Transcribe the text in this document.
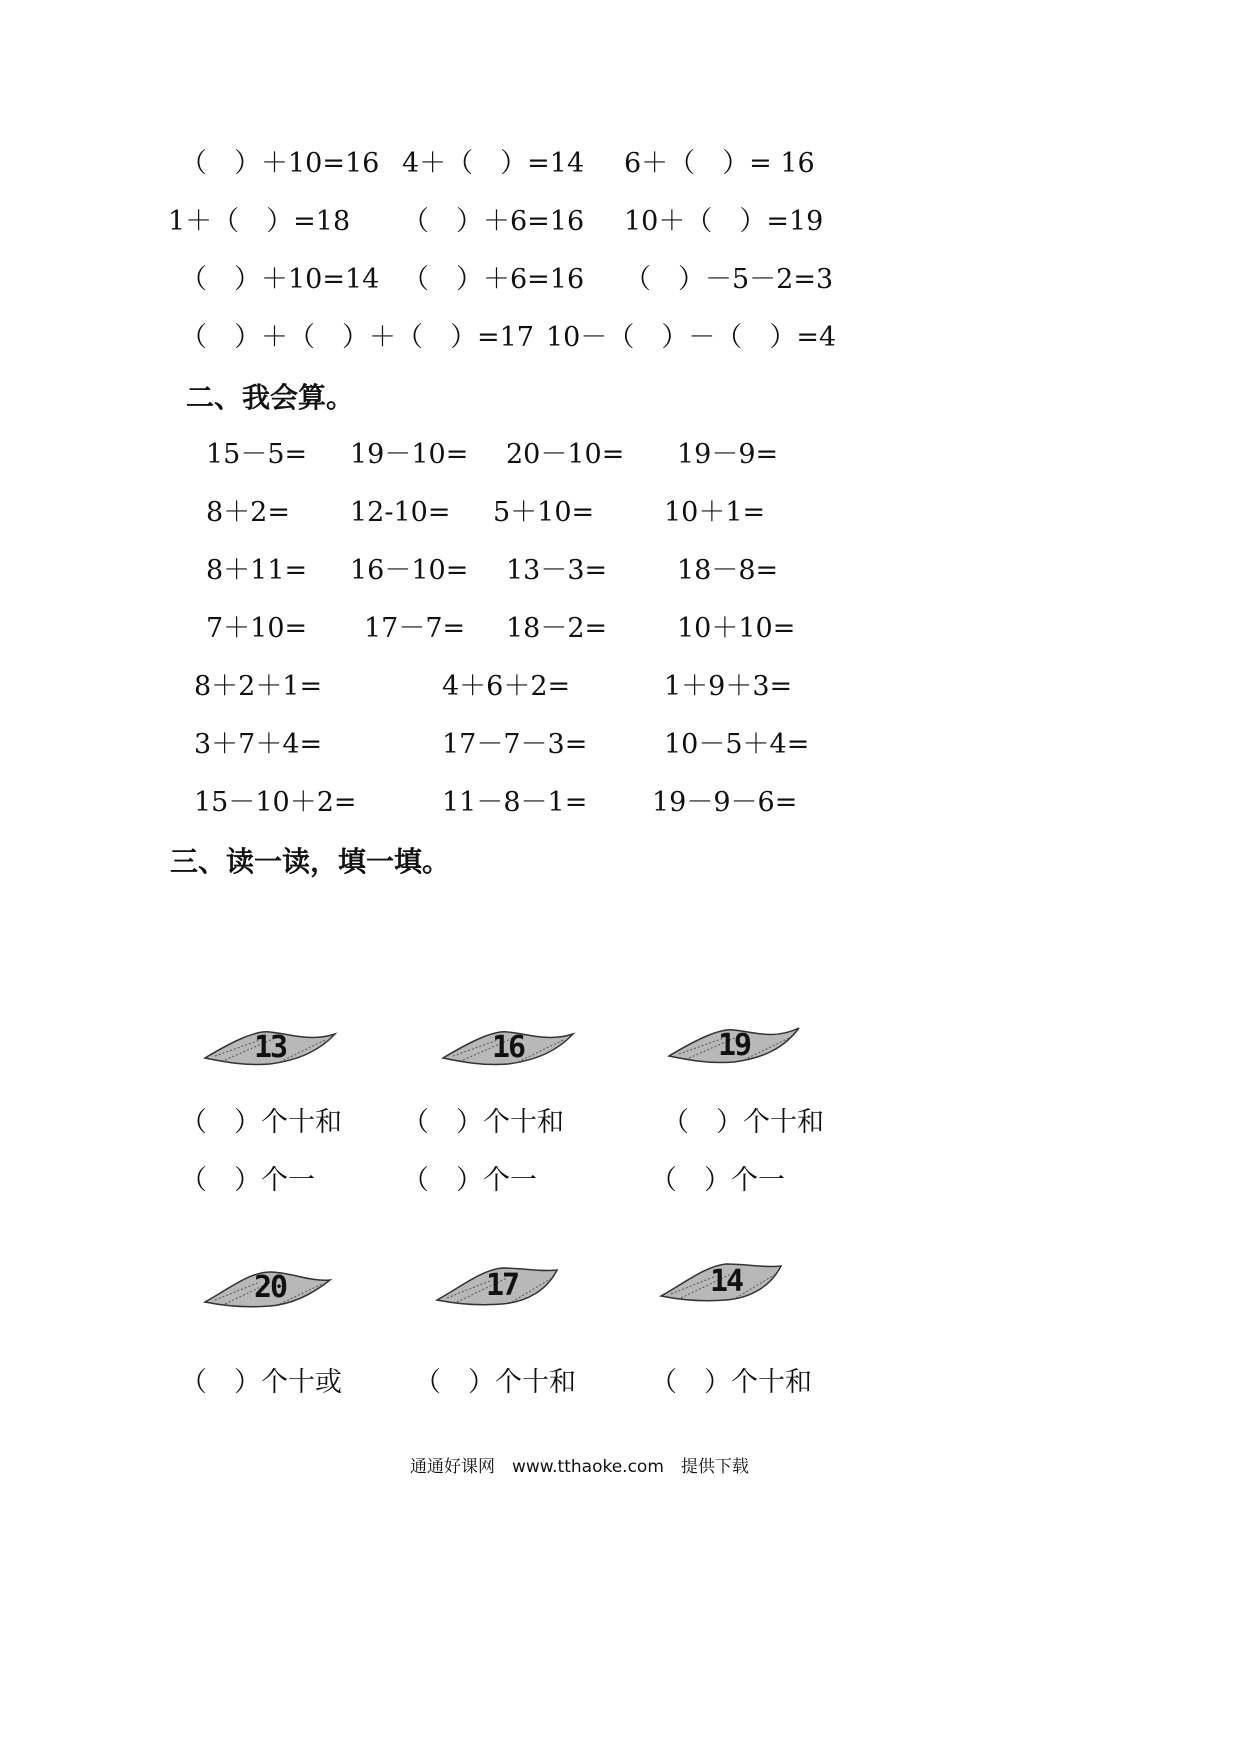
（　）＋10=16 4＋（　）=14 6＋（　）= 16
1＋（　）=18 （　）＋6=16 10＋（　）=19
（　）＋10=14 （　）＋6=16 （　）－5－2=3
（　）＋（　）＋（　）=17 10－（　）－（　）=4
二、我会算。
15－5= 19－10= 20－10= 19－9=
8＋2= 12-10= 5＋10=	10＋1=
8＋11= 16－10= 13－3=	18－8=
7＋10= 17－7= 18－2=	10＋10=
8＋2＋1=	4＋6＋2=	1＋9＋3=
3＋7＋4=	17－7－3=	10－5＋4=
15－10＋2=	11－8－1= 19－9－6=
三、读一读，填一填。
13	16	19
（　）个十和 （　）个十和	（　）个十和
（　）个一	（　）个一	（　）个一
20	17	14
（　）个十或	（　）个十和	（　）个十和
通通好课网　www.tthaoke.com　提供下载
